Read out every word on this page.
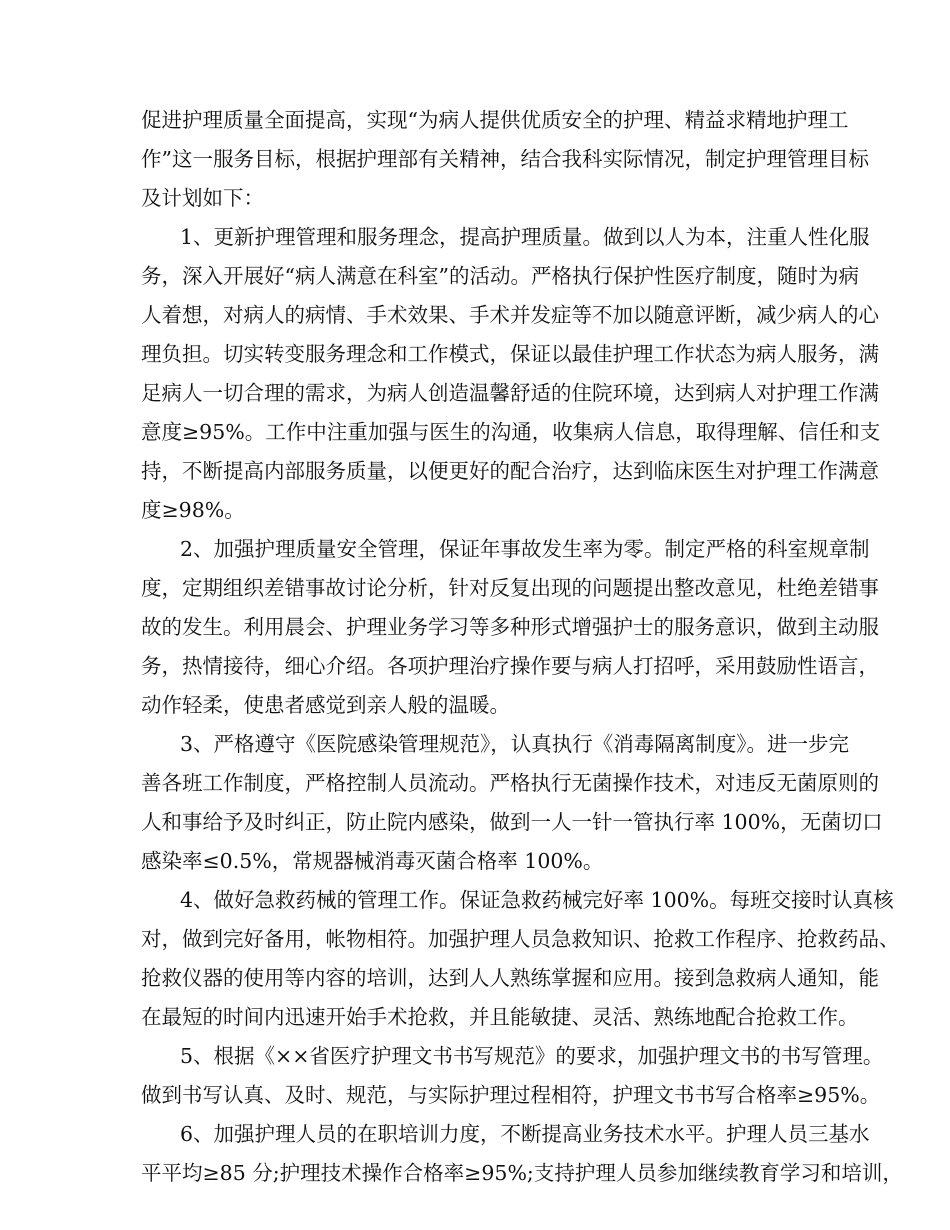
促进护理质量全面提高，实现“为病人提供优质安全的护理、精益求精地护理工
作”这一服务目标，根据护理部有关精神，结合我科实际情况，制定护理管理目标
及计划如下：
1、更新护理管理和服务理念，提高护理质量。做到以人为本，注重人性化服
务，深入开展好“病人满意在科室”的活动。严格执行保护性医疗制度，随时为病
人着想，对病人的病情、手术效果、手术并发症等不加以随意评断，减少病人的心
理负担。切实转变服务理念和工作模式，保证以最佳护理工作状态为病人服务，满
足病人一切合理的需求，为病人创造温馨舒适的住院环境，达到病人对护理工作满
意度≥95%。工作中注重加强与医生的沟通，收集病人信息，取得理解、信任和支
持，不断提高内部服务质量，以便更好的配合治疗，达到临床医生对护理工作满意
度≥98%。
2、加强护理质量安全管理，保证年事故发生率为零。制定严格的科室规章制
度，定期组织差错事故讨论分析，针对反复出现的问题提出整改意见，杜绝差错事
故的发生。利用晨会、护理业务学习等多种形式增强护士的服务意识，做到主动服
务，热情接待，细心介绍。各项护理治疗操作要与病人打招呼，采用鼓励性语言，
动作轻柔，使患者感觉到亲人般的温暖。
3、严格遵守《医院感染管理规范》，认真执行《消毒隔离制度》。进一步完
善各班工作制度，严格控制人员流动。严格执行无菌操作技术，对违反无菌原则的
人和事给予及时纠正，防止院内感染，做到一人一针一管执行率 100%，无菌切口
感染率≤0.5%，常规器械消毒灭菌合格率 100%。
4、做好急救药械的管理工作。保证急救药械完好率 100%。每班交接时认真核
对，做到完好备用，帐物相符。加强护理人员急救知识、抢救工作程序、抢救药品、
抢救仪器的使用等内容的培训，达到人人熟练掌握和应用。接到急救病人通知，能
在最短的时间内迅速开始手术抢救，并且能敏捷、灵活、熟练地配合抢救工作。
5、根据《××省医疗护理文书书写规范》的要求，加强护理文书的书写管理。
做到书写认真、及时、规范，与实际护理过程相符，护理文书书写合格率≥95%。
6、加强护理人员的在职培训力度，不断提高业务技术水平。护理人员三基水
平平均≥85 分;护理技术操作合格率≥95%;支持护理人员参加继续教育学习和培训，
